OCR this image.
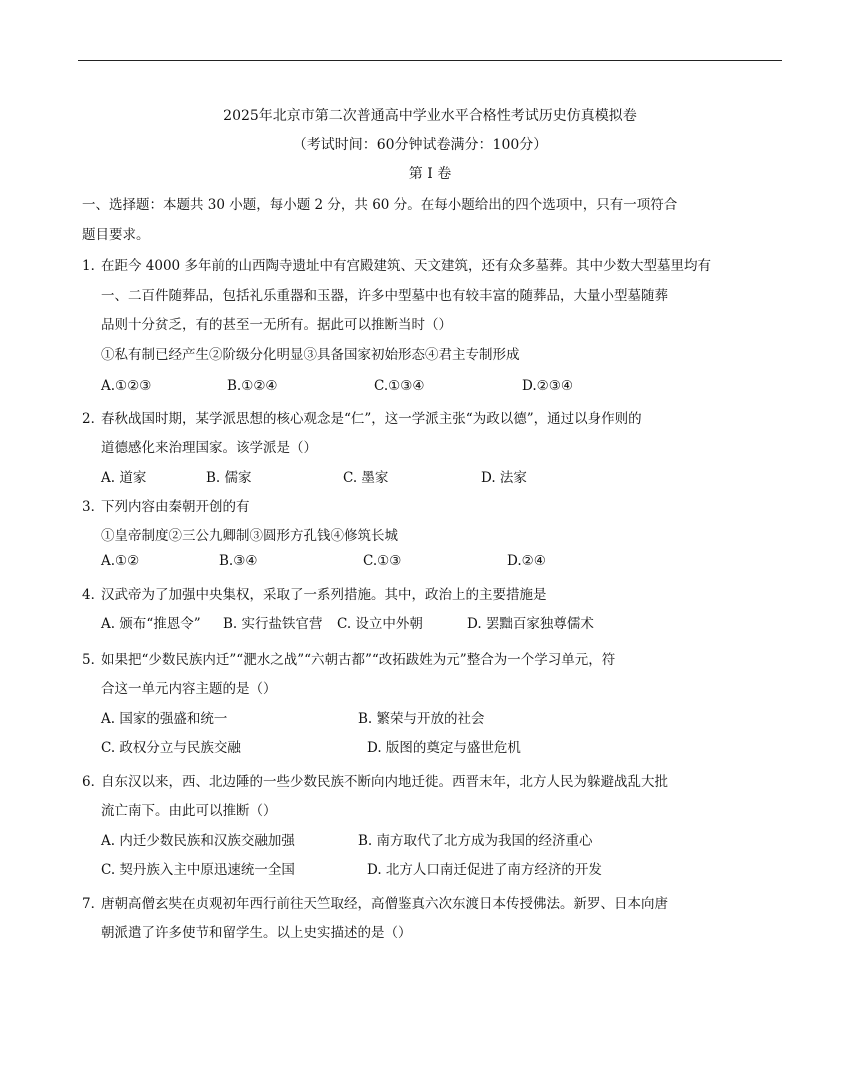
2025年北京市第二次普通高中学业水平合格性考试历史仿真模拟卷
（考试时间：60分钟试卷满分：100分）
第 I 卷
一、选择题：本题共 30 小题，每小题 2 分，共 60 分。在每小题给出的四个选项中，只有一项符合
题目要求。
1．
在距今 4000 多年前的山西陶寺遗址中有宫殿建筑、天文建筑，还有众多墓葬。其中少数大型墓里均有
一、二百件随葬品，包括礼乐重器和玉器，许多中型墓中也有较丰富的随葬品，大量小型墓随葬
品则十分贫乏，有的甚至一无所有。据此可以推断当时（）
①私有制已经产生②阶级分化明显③具备国家初始形态④君主专制形成
A.①②③	B.①②④	C.①③④	D.②③④
2．
春秋战国时期，某学派思想的核心观念是“仁”，这一学派主张“为政以德”，通过以身作则的
道德感化来治理国家。该学派是（）
A. 道家	B. 儒家	C. 墨家	D. 法家
3．
下列内容由秦朝开创的有
①皇帝制度②三公九卿制③圆形方孔钱④修筑长城
A.①②	B.③④	C.①③	D.②④
4．
汉武帝为了加强中央集权，采取了一系列措施。其中，政治上的主要措施是
A. 颁布“推恩令” B. 实行盐铁官营 C. 设立中外朝	D. 罢黜百家独尊儒术
5．
如果把“少数民族内迁”“淝水之战”“六朝古都”“改拓跋姓为元”整合为一个学习单元，符
合这一单元内容主题的是（）
A. 国家的强盛和统一	B. 繁荣与开放的社会
C. 政权分立与民族交融	D. 版图的奠定与盛世危机
6．
自东汉以来，西、北边陲的一些少数民族不断向内地迁徙。西晋末年，北方人民为躲避战乱大批
流亡南下。由此可以推断（）
A. 内迁少数民族和汉族交融加强	B. 南方取代了北方成为我国的经济重心
C. 契丹族入主中原迅速统一全国	D. 北方人口南迁促进了南方经济的开发
7．
唐朝高僧玄奘在贞观初年西行前往天竺取经，高僧鉴真六次东渡日本传授佛法。新罗、日本向唐
朝派遣了许多使节和留学生。以上史实描述的是（）
